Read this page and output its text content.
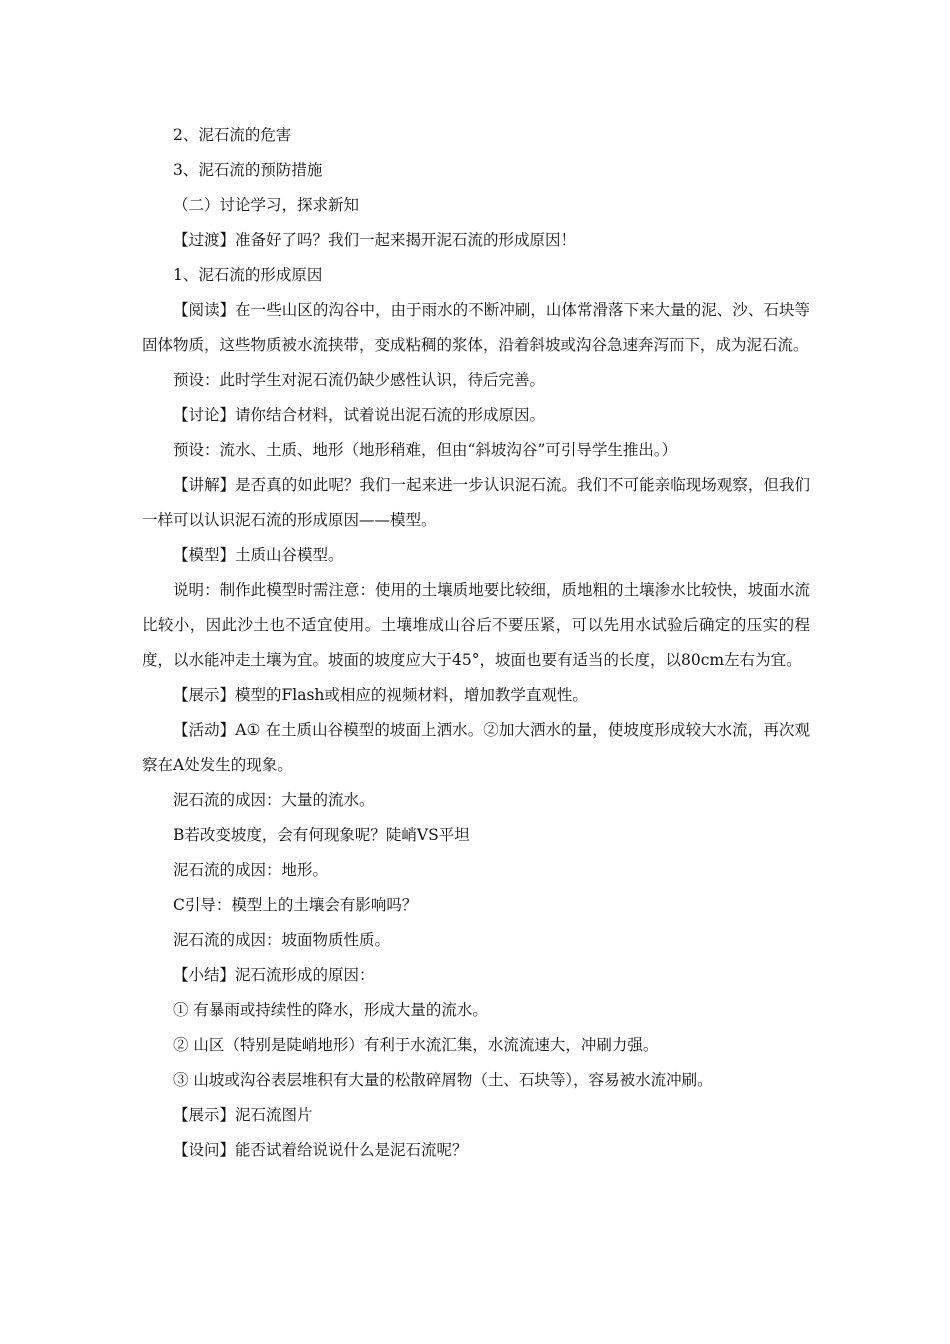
2、泥石流的危害

3、泥石流的预防措施

（二）讨论学习，探求新知

【过渡】准备好了吗？我们一起来揭开泥石流的形成原因！

1、泥石流的形成原因

【阅读】在一些山区的沟谷中，由于雨水的不断冲刷，山体常滑落下来大量的泥、沙、石块等固体物质，这些物质被水流挟带，变成粘稠的浆体，沿着斜坡或沟谷急速奔泻而下，成为泥石流。

预设：此时学生对泥石流仍缺少感性认识，待后完善。

【讨论】请你结合材料，试着说出泥石流的形成原因。

预设：流水、土质、地形（地形稍难，但由“斜坡沟谷”可引导学生推出。）

【讲解】是否真的如此呢？我们一起来进一步认识泥石流。我们不可能亲临现场观察，但我们一样可以认识泥石流的形成原因——模型。

【模型】土质山谷模型。

说明：制作此模型时需注意：使用的土壤质地要比较细，质地粗的土壤渗水比较快，坡面水流比较小，因此沙土也不适宜使用。土壤堆成山谷后不要压紧，可以先用水试验后确定的压实的程度，以水能冲走土壤为宜。坡面的坡度应大于45°，坡面也要有适当的长度，以80cm左右为宜。

【展示】模型的Flash或相应的视频材料，增加教学直观性。

【活动】A① 在土质山谷模型的坡面上洒水。②加大洒水的量，使坡度形成较大水流，再次观察在A处发生的现象。

泥石流的成因：大量的流水。

B若改变坡度，会有何现象呢？陡峭VS平坦

泥石流的成因：地形。

C引导：模型上的土壤会有影响吗？

泥石流的成因：坡面物质性质。

【小结】泥石流形成的原因：

① 有暴雨或持续性的降水，形成大量的流水。

② 山区（特别是陡峭地形）有利于水流汇集，水流流速大，冲刷力强。

③ 山坡或沟谷表层堆积有大量的松散碎屑物（土、石块等），容易被水流冲刷。

【展示】泥石流图片

【设问】能否试着给说说什么是泥石流呢？
